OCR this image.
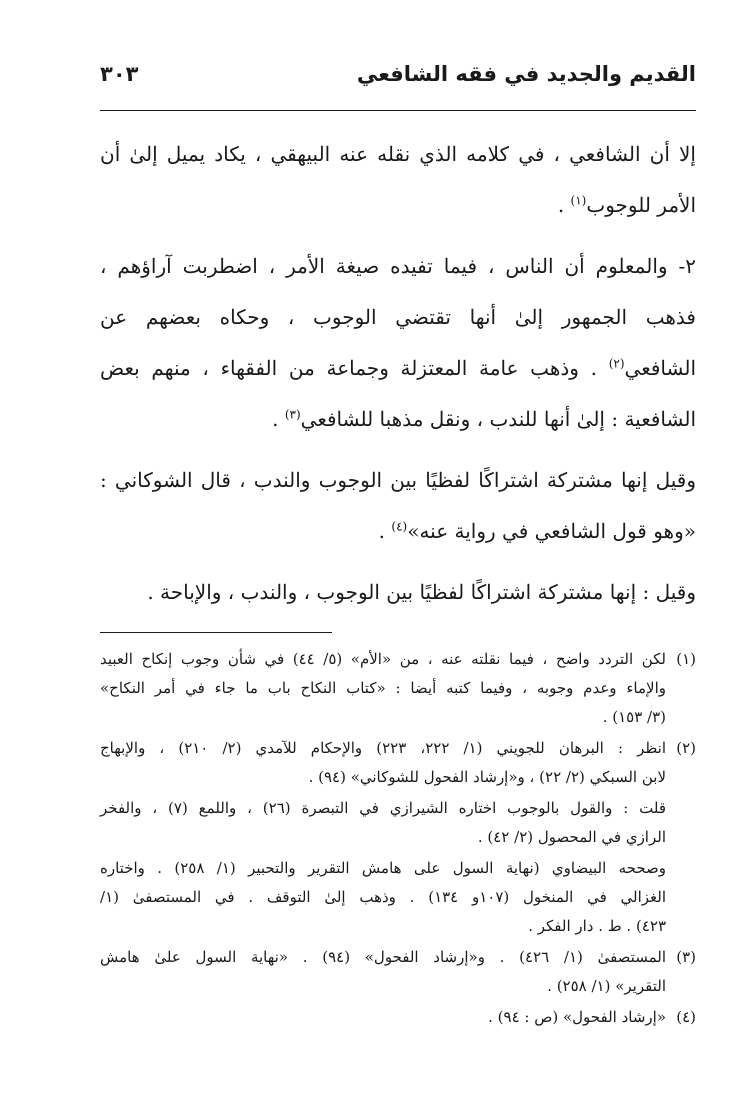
القديم والجديد في فقه الشافعي
٣٠٣
إلا أن الشافعي ، في كلامه الذي نقله عنه البيهقي ، يكاد يميل إلىٰ أن
الأمر للوجوب$^{(١)}$ .
٢- والمعلوم أن الناس ، فيما تفيده صيغة الأمر ، اضطربت آراؤهم ،
فذهب الجمهور إلىٰ أنها تقتضي الوجوب ، وحكاه بعضهم عن
الشافعي$^{(٢)}$ . وذهب عامة المعتزلة وجماعة من الفقهاء ، منهم بعض
الشافعية : إلىٰ أنها للندب ، ونقل مذهبا للشافعي$^{(٣)}$ .
وقيل إنها مشتركة اشتراكًا لفظيًا بين الوجوب والندب ، قال الشوكاني :
«وهو قول الشافعي في رواية عنه»$^{(٤)}$ .
وقيل : إنها مشتركة اشتراكًا لفظيًا بين الوجوب ، والندب ، والإباحة .
(١)
لكن التردد واضح ، فيما نقلته عنه ، من «الأم» (٥/ ٤٤) في شأن وجوب إنكاح العبيد
والإماء وعدم وجوبه ، وفيما كتبه أيضا : «كتاب النكاح باب ما جاء في أمر النكاح»
(٣/ ١٥٣) .
(٢)
انظر : البرهان للجويني (١/ ٢٢٢، ٢٢٣) والإحكام للآمدي (٢/ ٢١٠) ، والإبهاج
لابن السبكي (٢/ ٢٢) ، و«إرشاد الفحول للشوكاني» (٩٤) .
قلت : والقول بالوجوب اختاره الشيرازي في التبصرة (٢٦) ، واللمع (٧) ، والفخر
الرازي في المحصول (٢/ ٤٢) .
وصححه البيضاوي (نهاية السول على هامش التقرير والتحبير (١/ ٢٥٨) . واختاره
الغزالي في المنخول (١٠٧و ١٣٤) . وذهب إلىٰ التوقف . في المستصفىٰ (١/
٤٢٣) . ط . دار الفكر .
(٣)
المستصفىٰ (١/ ٤٢٦) . و«إرشاد الفحول» (٩٤) . «نهاية السول علىٰ هامش
التقرير» (١/ ٢٥٨) .
(٤)
«إرشاد الفحول» (ص : ٩٤) .
